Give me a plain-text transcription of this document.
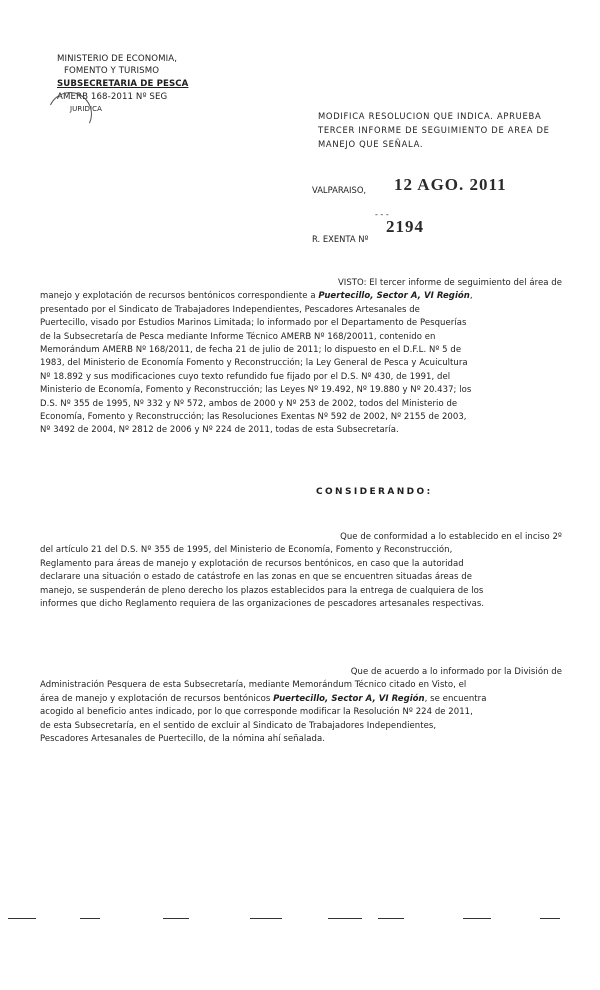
MINISTERIO DE ECONOMIA,
FOMENTO Y TURISMO
SUBSECRETARIA DE PESCA
AMERB 168-2011 Nº SEG
JURIDICA
MODIFICA RESOLUCION QUE INDICA. APRUEBA TERCER INFORME DE SEGUIMIENTO DE AREA DE MANEJO QUE SEÑALA.
VALPARAISO, 12 AGO. 2011
- - -
R. EXENTA Nº
2194
VISTO: El tercer informe de seguimiento del área de
manejo y explotación de recursos bentónicos correspondiente a Puertecillo, Sector A, VI Región,
presentado por el Sindicato de Trabajadores Independientes, Pescadores Artesanales de
Puertecillo, visado por Estudios Marinos Limitada; lo informado por el Departamento de Pesquerías
de la Subsecretaría de Pesca mediante Informe Técnico AMERB Nº 168/20011, contenido en
Memorándum AMERB Nº 168/2011, de fecha 21 de julio de 2011; lo dispuesto en el D.F.L. Nº 5 de
1983, del Ministerio de Economía Fomento y Reconstrucción; la Ley General de Pesca y Acuicultura
Nº 18.892 y sus modificaciones cuyo texto refundido fue fijado por el D.S. Nº 430, de 1991, del
Ministerio de Economía, Fomento y Reconstrucción; las Leyes Nº 19.492, Nº 19.880 y Nº 20.437; los
D.S. Nº 355 de 1995, Nº 332 y Nº 572, ambos de 2000 y Nº 253 de 2002, todos del Ministerio de
Economía, Fomento y Reconstrucción; las Resoluciones Exentas Nº 592 de 2002, Nº 2155 de 2003,
Nº 3492 de 2004, Nº 2812 de 2006 y Nº 224 de 2011, todas de esta Subsecretaría.
CONSIDERANDO:
Que de conformidad a lo establecido en el inciso 2º
del artículo 21 del D.S. Nº 355 de 1995, del Ministerio de Economía, Fomento y Reconstrucción,
Reglamento para áreas de manejo y explotación de recursos bentónicos, en caso que la autoridad
declarare una situación o estado de catástrofe en las zonas en que se encuentren situadas áreas de
manejo, se suspenderán de pleno derecho los plazos establecidos para la entrega de cualquiera de los
informes que dicho Reglamento requiera de las organizaciones de pescadores artesanales respectivas.
Que de acuerdo a lo informado por la División de
Administración Pesquera de esta Subsecretaría, mediante Memorándum Técnico citado en Visto, el
área de manejo y explotación de recursos bentónicos Puertecillo, Sector A, VI Región, se encuentra
acogido al beneficio antes indicado, por lo que corresponde modificar la Resolución Nº 224 de 2011,
de esta Subsecretaría, en el sentido de excluir al Sindicato de Trabajadores Independientes,
Pescadores Artesanales de Puertecillo, de la nómina ahí señalada.
